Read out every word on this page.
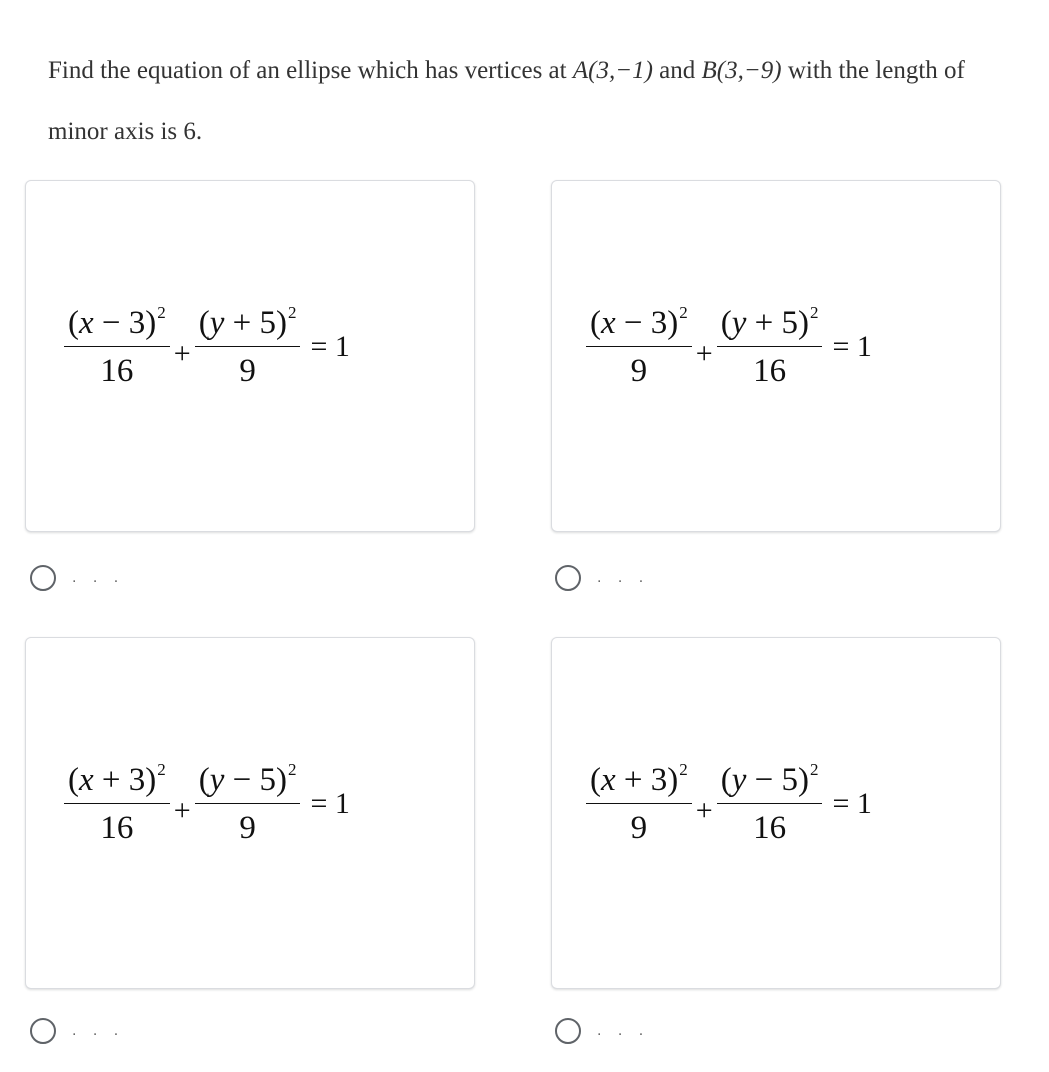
Find the equation of an ellipse which has vertices at A(3,−1) and B(3,−9) with the length of minor axis is 6.
$\frac{(x - 3)^2}{16} + \frac{(y + 5)^2}{9} = 1$
. . .
$\frac{(x - 3)^2}{9} + \frac{(y + 5)^2}{16} = 1$
. . .
$\frac{(x + 3)^2}{16} + \frac{(y - 5)^2}{9} = 1$
. . .
$\frac{(x + 3)^2}{9} + \frac{(y - 5)^2}{16} = 1$
. . .
